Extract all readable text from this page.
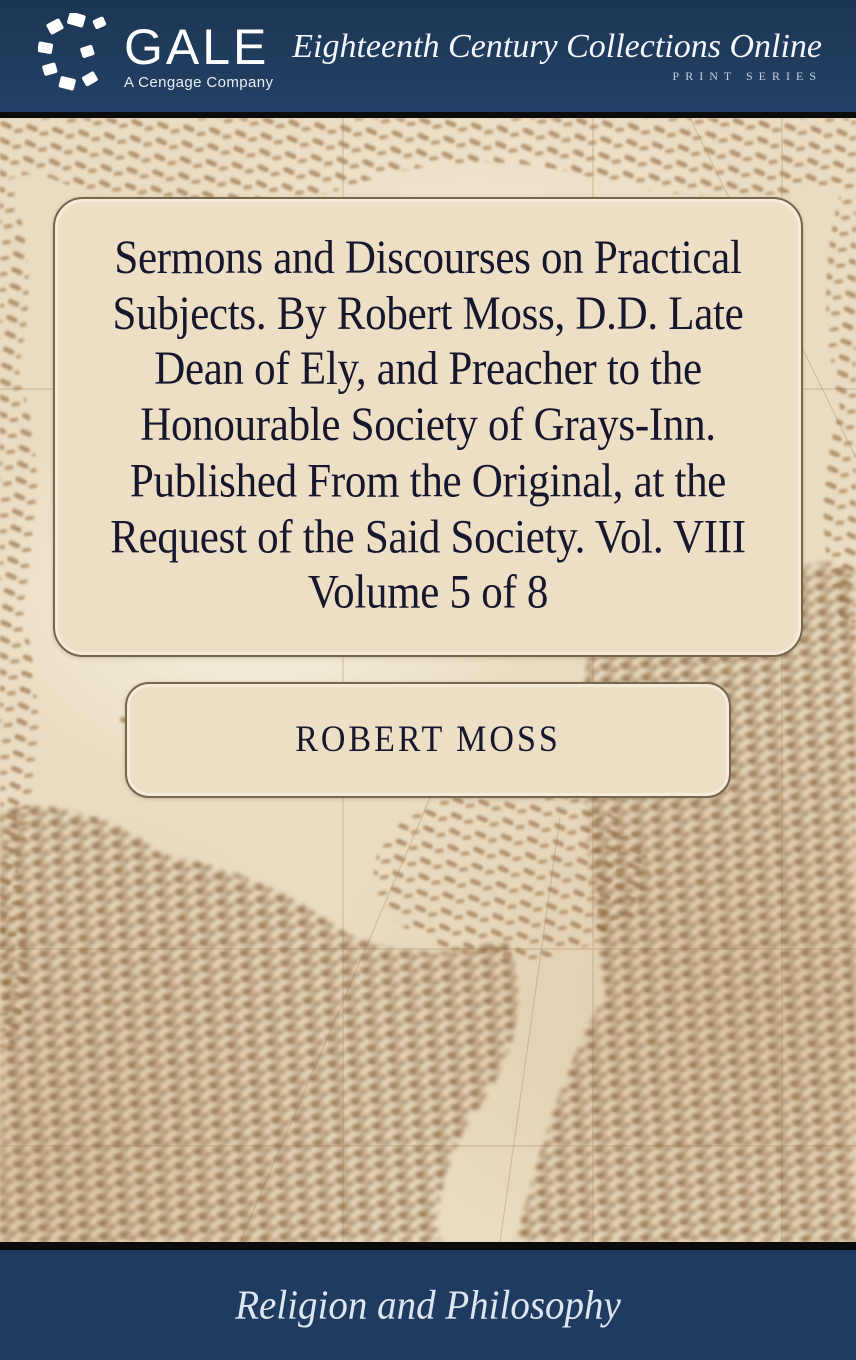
GALE
A Cengage Company
Eighteenth Century Collections Online
PRINT SERIES
Sermons and Discourses on Practical
Subjects. By Robert Moss, D.D. Late
Dean of Ely, and Preacher to the
Honourable Society of Grays-Inn.
Published From the Original, at the
Request of the Said Society. Vol. VIII
Volume 5 of 8
ROBERT MOSS
Religion and Philosophy
